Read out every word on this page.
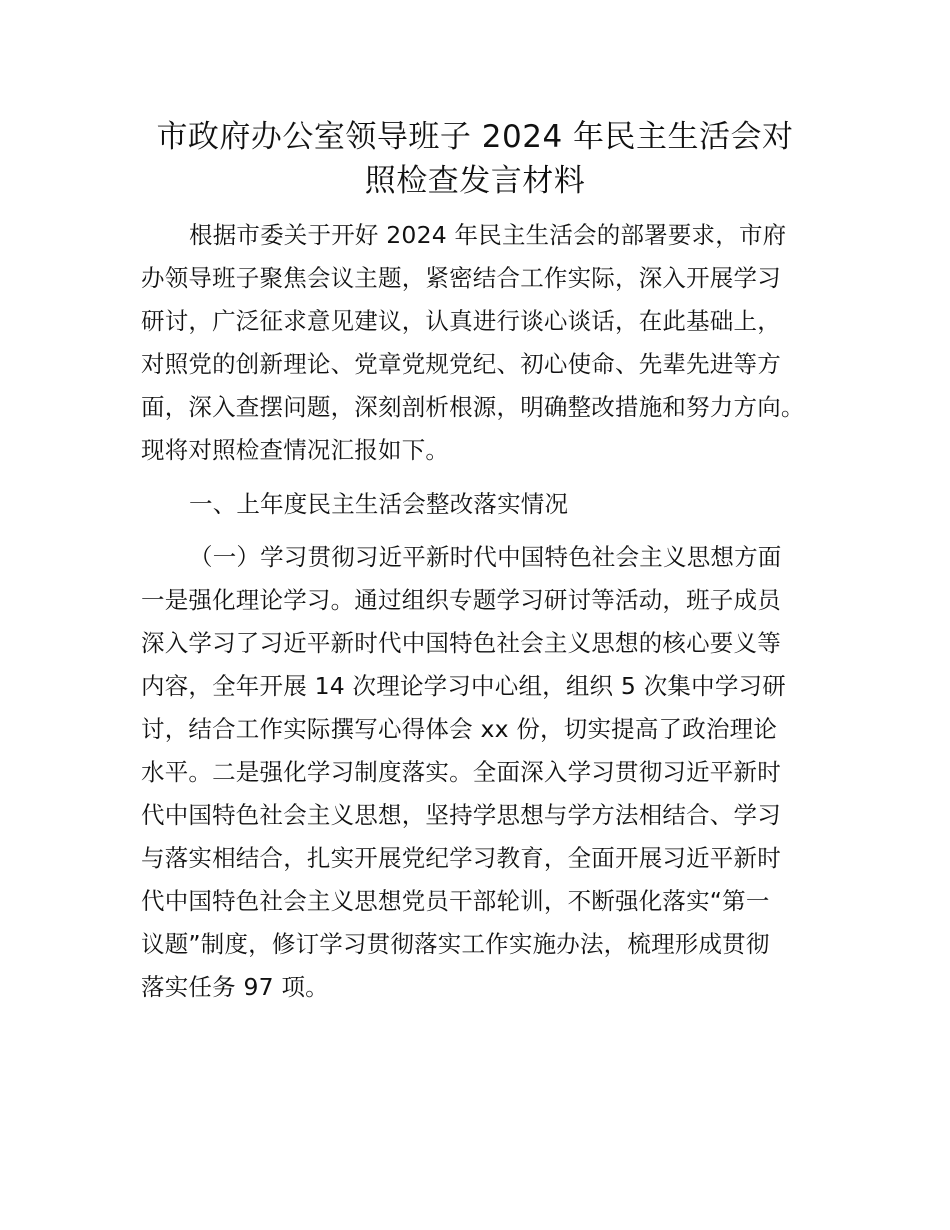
市政府办公室领导班子 2024 年民主生活会对
照检查发言材料
根据市委关于开好 2024 年民主生活会的部署要求，市府
办领导班子聚焦会议主题，紧密结合工作实际，深入开展学习
研讨，广泛征求意见建议，认真进行谈心谈话，在此基础上，
对照党的创新理论、党章党规党纪、初心使命、先辈先进等方
面，深入查摆问题，深刻剖析根源，明确整改措施和努力方向。
现将对照检查情况汇报如下。
一、上年度民主生活会整改落实情况
（一）学习贯彻习近平新时代中国特色社会主义思想方面
一是强化理论学习。通过组织专题学习研讨等活动，班子成员
深入学习了习近平新时代中国特色社会主义思想的核心要义等
内容，全年开展 14 次理论学习中心组，组织 5 次集中学习研
讨，结合工作实际撰写心得体会 xx 份，切实提高了政治理论
水平。二是强化学习制度落实。全面深入学习贯彻习近平新时
代中国特色社会主义思想，坚持学思想与学方法相结合、学习
与落实相结合，扎实开展党纪学习教育，全面开展习近平新时
代中国特色社会主义思想党员干部轮训，不断强化落实“第一
议题”制度，修订学习贯彻落实工作实施办法，梳理形成贯彻
落实任务 97 项。
